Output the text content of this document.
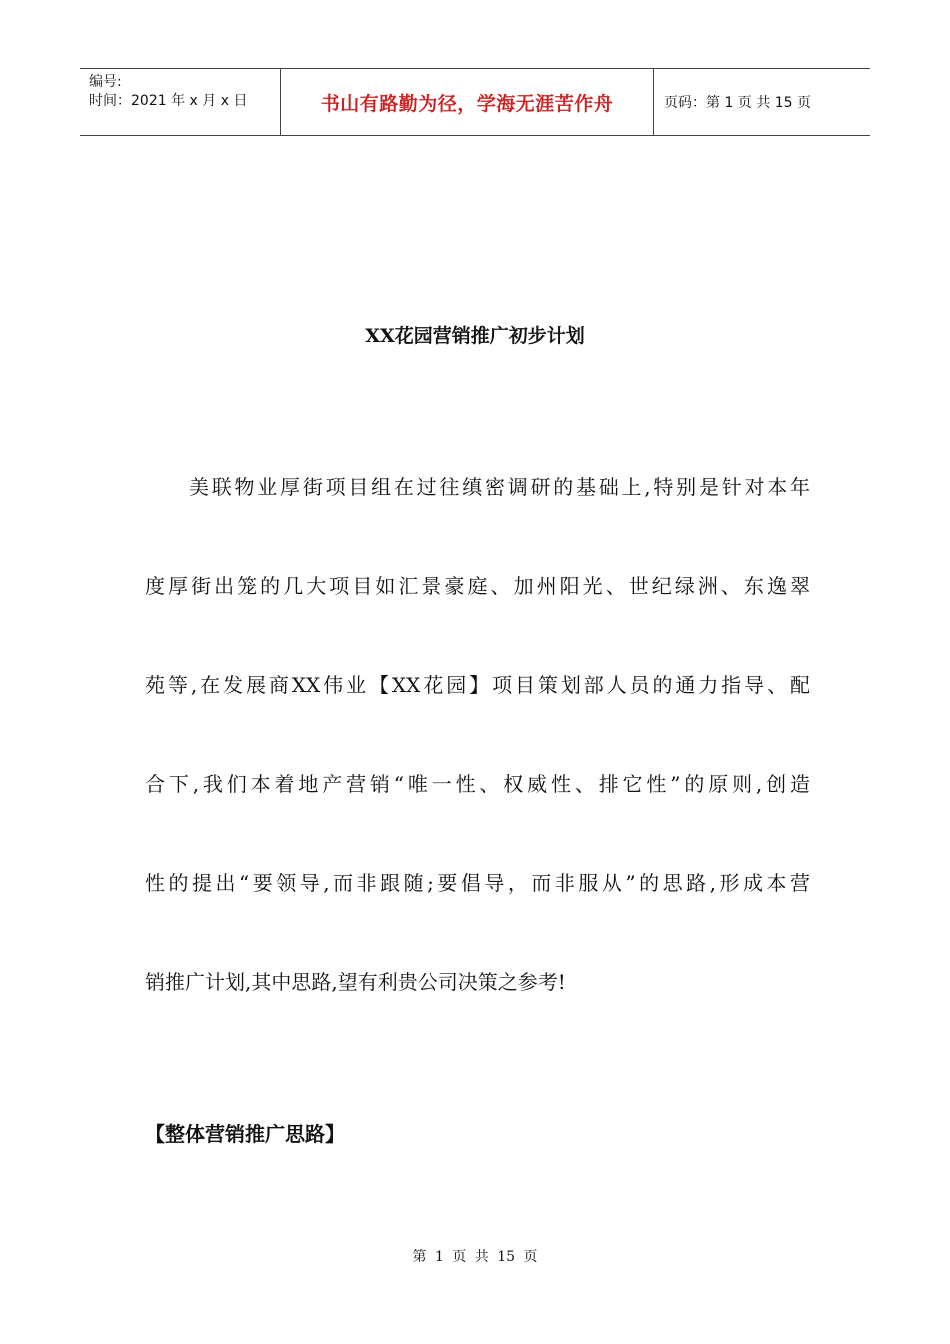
编号:
时间：2021 年 x 月 x 日	书山有路勤为径，学海无涯苦作舟	页码：第 1 页 共 15 页
XX花园营销推广初步计划
美联物业厚街项目组在过往缜密调研的基础上,特别是针对本年
度厚街出笼的几大项目如汇景豪庭、加州阳光、世纪绿洲、东逸翠
苑等,在发展商XX伟业【XX花园】项目策划部人员的通力指导、配
合下,我们本着地产营销“唯一性、权威性、排它性”的原则,创造
性的提出“要领导,而非跟随;要倡导，而非服从”的思路,形成本营
销推广计划,其中思路,望有利贵公司决策之参考!
【整体营销推广思路】
第 1 页 共 15 页
